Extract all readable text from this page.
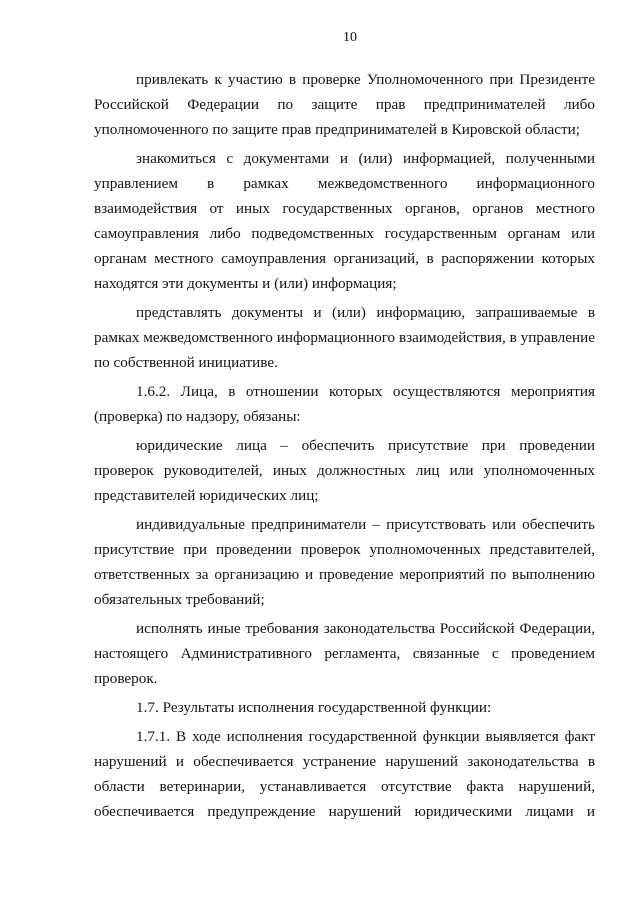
10

привлекать к участию в проверке Уполномоченного при Президенте Российской Федерации по защите прав предпринимателей либо уполномоченного по защите прав предпринимателей в Кировской области;

знакомиться с документами и (или) информацией, полученными управлением в рамках межведомственного информационного взаимодействия от иных государственных органов, органов местного самоуправления либо подведомственных государственным органам или органам местного самоуправления организаций, в распоряжении которых находятся эти документы и (или) информация;

представлять документы и (или) информацию, запрашиваемые в рамках межведомственного информационного взаимодействия, в управление по собственной инициативе.

1.6.2. Лица, в отношении которых осуществляются мероприятия (проверка) по надзору, обязаны:

юридические лица – обеспечить присутствие при проведении проверок руководителей, иных должностных лиц или уполномоченных представителей юридических лиц;

индивидуальные предприниматели – присутствовать или обеспечить присутствие при проведении проверок уполномоченных представителей, ответственных за организацию и проведение мероприятий по выполнению обязательных требований;

исполнять иные требования законодательства Российской Федерации, настоящего Административного регламента, связанные с проведением проверок.

1.7. Результаты исполнения государственной функции:

1.7.1. В ходе исполнения государственной функции выявляется факт нарушений и обеспечивается устранение нарушений законодательства в области ветеринарии, устанавливается отсутствие факта нарушений, обеспечивается предупреждение нарушений юридическими лицами и
